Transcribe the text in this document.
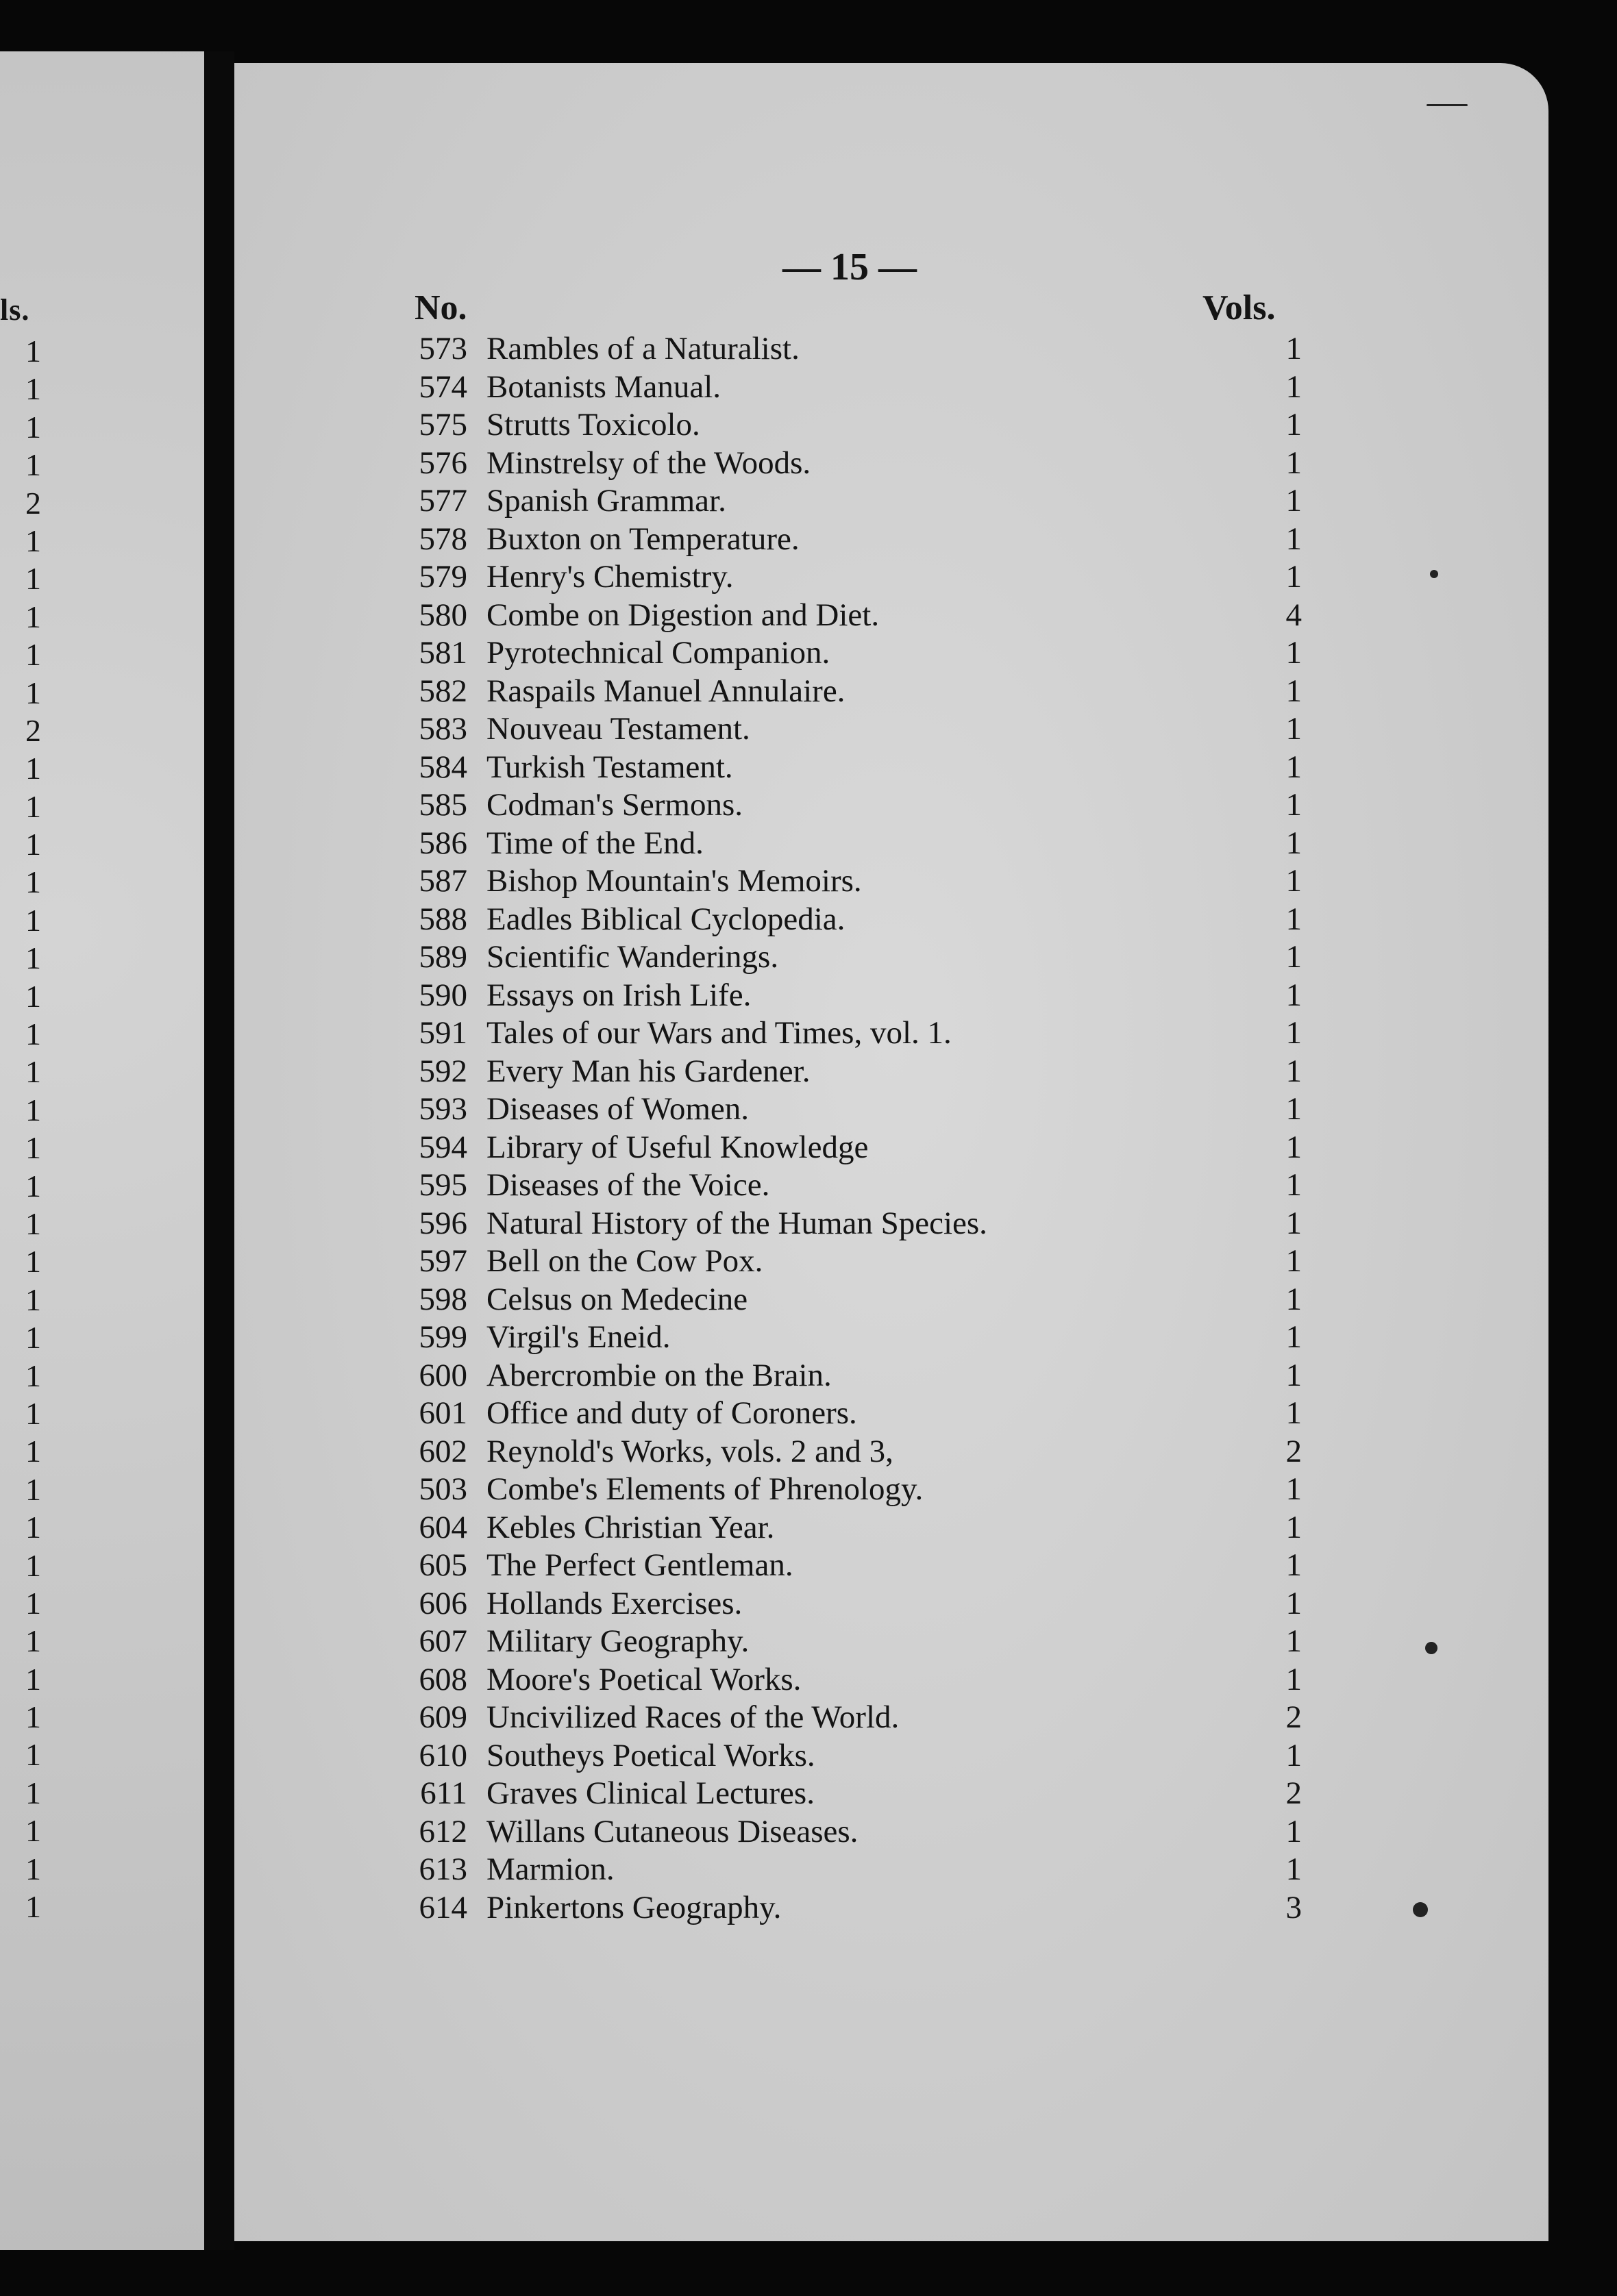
ls.
1
1
1
1
2
1
1
1
1
1
2
1
1
1
1
1
1
1
1
1
1
1
1
1
1
1
1
1
1
1
1
1
1
1
1
1
1
1
1
1
1
1
— 15 —
No.	Vols.
573 Rambles of a Naturalist.	1
574 Botanists Manual.	1
575 Strutts Toxicolo.	1
576 Minstrelsy of the Woods.	1
577 Spanish Grammar.	1
578 Buxton on Temperature.	1
579 Henry's Chemistry.	1
580 Combe on Digestion and Diet.	4
581 Pyrotechnical Companion.	1
582 Raspails Manuel Annulaire.	1
583 Nouveau Testament.	1
584 Turkish Testament.	1
585 Codman's Sermons.	1
586 Time of the End.	1
587 Bishop Mountain's Memoirs.	1
588 Eadles Biblical Cyclopedia.	1
589 Scientific Wanderings.	1
590 Essays on Irish Life.	1
591 Tales of our Wars and Times, vol. 1.	1
592 Every Man his Gardener.	1
593 Diseases of Women.	1
594 Library of Useful Knowledge	1
595 Diseases of the Voice.	1
596 Natural History of the Human Species.	1
597 Bell on the Cow Pox.	1
598 Celsus on Medecine	1
599 Virgil's Eneid.	1
600 Abercrombie on the Brain.	1
601 Office and duty of Coroners.	1
602 Reynold's Works, vols. 2 and 3,	2
503 Combe's Elements of Phrenology.	1
604 Kebles Christian Year.	1
605 The Perfect Gentleman.	1
606 Hollands Exercises.	1
607 Military Geography.	1
608 Moore's Poetical Works.	1
609 Uncivilized Races of the World.	2
610 Southeys Poetical Works.	1
611 Graves Clinical Lectures.	2
612 Willans Cutaneous Diseases.	1
613 Marmion.	1
614 Pinkertons Geography.	3
